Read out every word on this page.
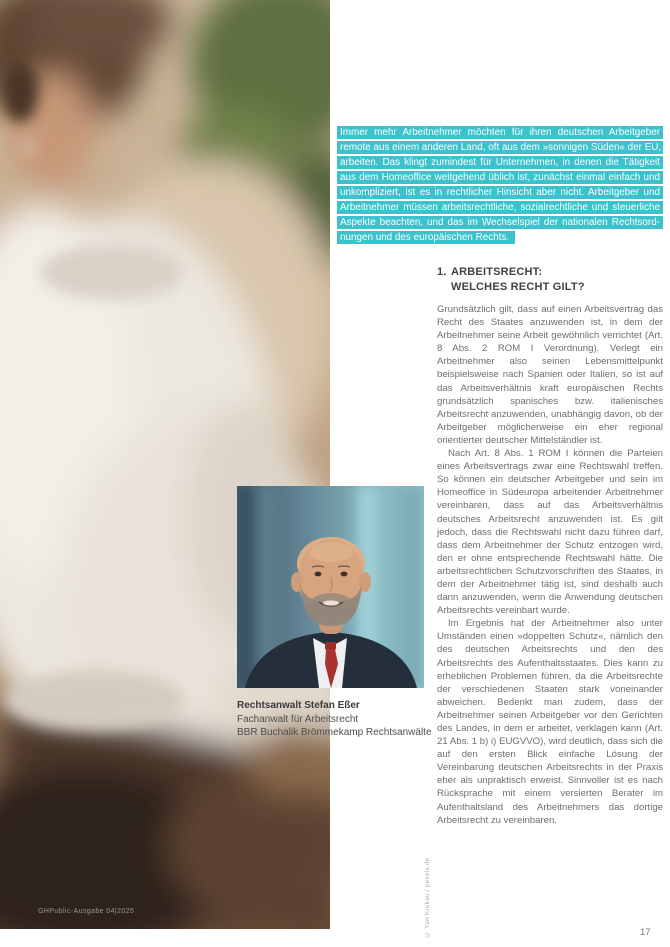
GHPublic-Ausgabe 04|2025
Immer mehr Arbeitnehmer möchten für ihren deutschen Arbeitgeber
remote aus einem anderen Land, oft aus dem »sonnigen Süden« der EU,
arbeiten. Das klingt zumindest für Unternehmen, in denen die Tätigkeit
aus dem Homeoffice weitgehend üblich ist, zunächst einmal einfach und
unkompliziert, ist es in rechtlicher Hinsicht aber nicht. Arbeitgeber und
Arbeitnehmer müssen arbeitsrechtliche, sozialrechtliche und steuerliche
Aspekte beachten, und das im Wechselspiel der nationalen Rechtsord-
nungen und des europäischen Rechts.
1. ARBEITSRECHT:
WELCHES RECHT GILT?

Grundsätzlich gilt, dass auf einen Arbeitsvertrag das Recht des Staates anzuwenden ist, in dem der Arbeitnehmer seine Arbeit gewöhnlich verrichtet (Art. 8 Abs. 2 ROM I Verordnung). Verlegt ein Arbeitnehmer also seinen Lebensmittelpunkt beispielsweise nach Spanien oder Italien, so ist auf das Arbeitsverhältnis kraft europäischen Rechts grundsätzlich spanisches bzw. italienisches Arbeitsrecht anzuwenden, unabhängig davon, ob der Arbeitgeber möglicherweise ein eher regional orientierter deutscher Mittelständler ist.

Nach Art. 8 Abs. 1 ROM I können die Parteien eines Arbeitsvertrags zwar eine Rechtswahl treffen. So können ein deutscher Arbeitgeber und sein im Homeoffice in Südeuropa arbeitender Arbeitnehmer vereinbaren, dass auf das Arbeitsverhältnis deutsches Arbeitsrecht anzuwenden ist. Es gilt jedoch, dass die Rechtswahl nicht dazu führen darf, dass dem Arbeitnehmer der Schutz entzogen wird, den er ohne entsprechende Rechtswahl hätte. Die arbeitsrechtlichen Schutzvorschriften des Staates, in dem der Arbeitnehmer tätig ist, sind deshalb auch dann anzuwenden, wenn die Anwendung deutschen Arbeitsrechts vereinbart wurde.

Im Ergebnis hat der Arbeitnehmer also unter Umständen einen »doppelten Schutz«, nämlich den des deutschen Arbeitsrechts und den des Arbeitsrechts des Aufenthaltsstaates. Dies kann zu erheblichen Problemen führen, da die Arbeitsrechte der verschiedenen Staaten stark voneinander abweichen. Bedenkt man zudem, dass der Arbeitnehmer seinen Arbeitgeber vor den Gerichten des Landes, in dem er arbeitet, verklagen kann (Art. 21 Abs. 1 b) i) EUGVVO), wird deutlich, dass sich die auf den ersten Blick einfache Lösung der Vereinbarung deutschen Arbeitsrechts in der Praxis eher als unpraktisch erweist. Sinnvoller ist es nach Rücksprache mit einem versierten Berater im Aufenthaltsland des Arbeitnehmers das dortige Arbeitsrecht zu vereinbaren.

Rechtsanwalt Stefan Eßer
Fachanwalt für Arbeitsrecht
BBR Buchalik Brömmekamp Rechtsanwälte
© Yan Krukau / pexels.de	17
